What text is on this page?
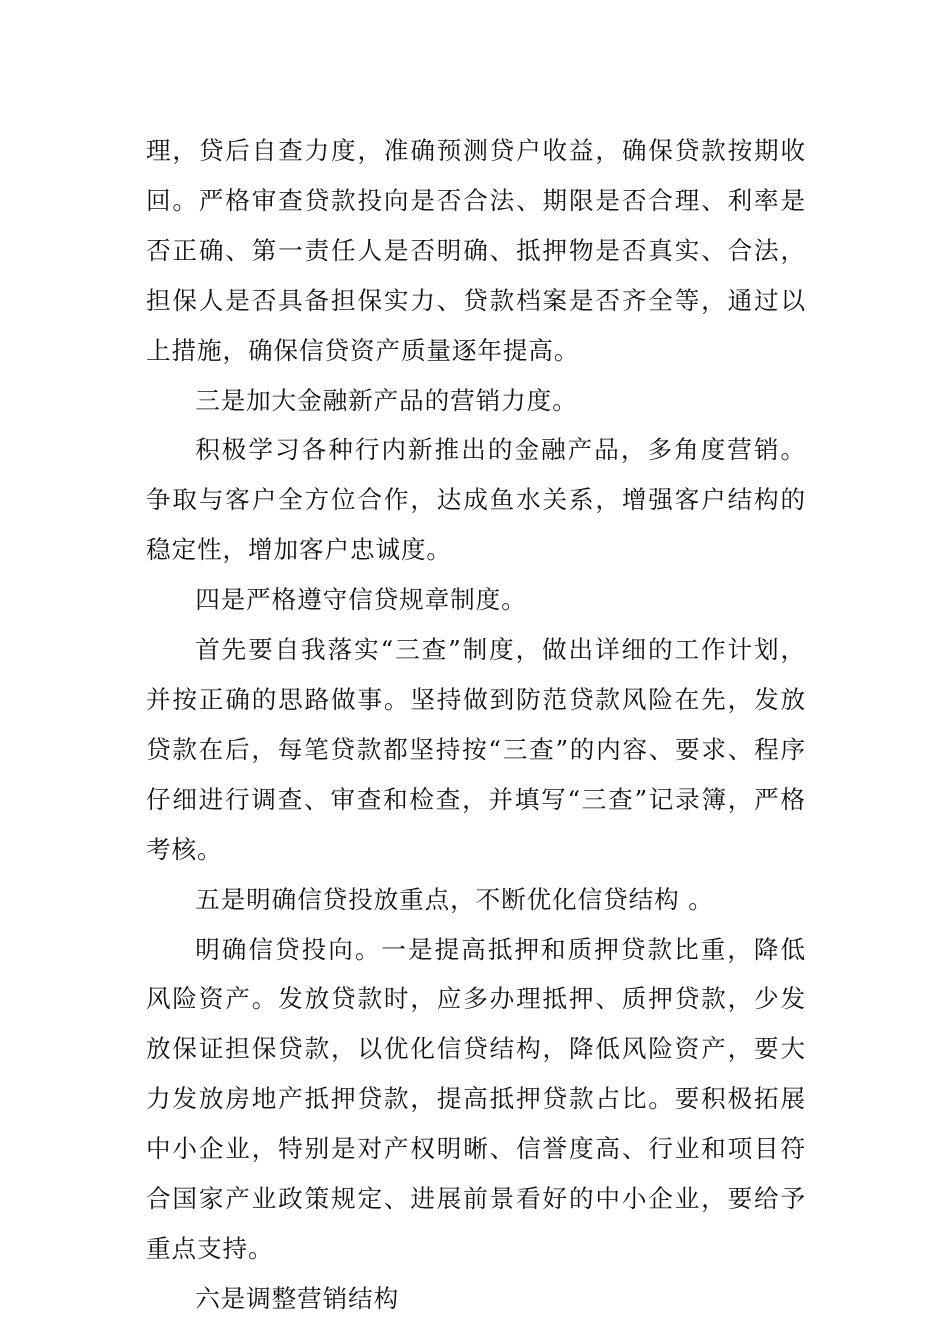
理，贷后自查力度，准确预测贷户收益，确保贷款按期收回。严格审查贷款投向是否合法、期限是否合理、利率是否正确、第一责任人是否明确、抵押物是否真实、合法，担保人是否具备担保实力、贷款档案是否齐全等，通过以上措施，确保信贷资产质量逐年提高。

三是加大金融新产品的营销力度。

积极学习各种行内新推出的金融产品，多角度营销。争取与客户全方位合作，达成鱼水关系，增强客户结构的稳定性，增加客户忠诚度。

四是严格遵守信贷规章制度。

首先要自我落实“三查”制度，做出详细的工作计划，并按正确的思路做事。坚持做到防范贷款风险在先，发放贷款在后，每笔贷款都坚持按“三查”的内容、要求、程序仔细进行调查、审查和检查，并填写“三查”记录簿，严格考核。

五是明确信贷投放重点，不断优化信贷结构 。

明确信贷投向。一是提高抵押和质押贷款比重，降低风险资产。发放贷款时，应多办理抵押、质押贷款，少发放保证担保贷款，以优化信贷结构，降低风险资产，要大力发放房地产抵押贷款，提高抵押贷款占比。要积极拓展中小企业，特别是对产权明晰、信誉度高、行业和项目符合国家产业政策规定、进展前景看好的中小企业，要给予重点支持。

六是调整营销结构
